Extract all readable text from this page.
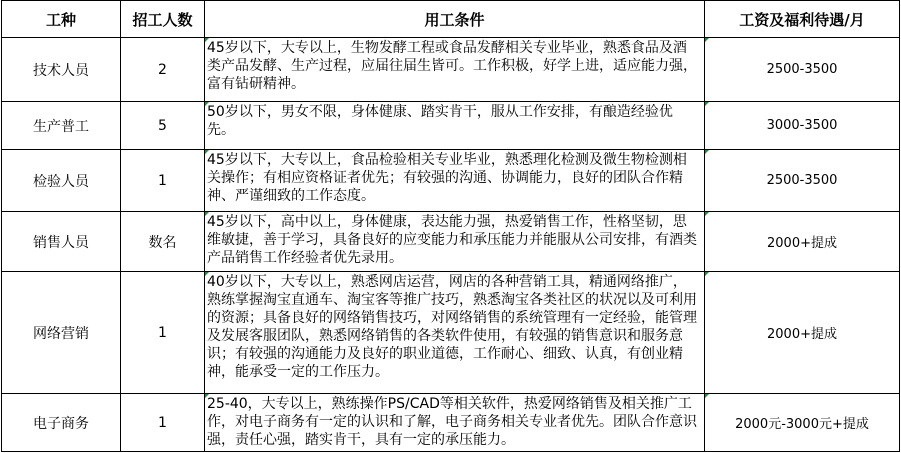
工种	招工人数	用工条件	工资及福利待遇/月
技术人员	2	45岁以下，大专以上，生物发酵工程或食品发酵相关专业毕业，熟悉食品及酒类产品发酵、生产过程，应届往届生皆可。工作积极，好学上进，适应能力强，富有钻研精神。	2500-3500
生产普工	5	50岁以下，男女不限，身体健康、踏实肯干，服从工作安排，有酿造经验优先。	3000-3500
检验人员	1	45岁以下，大专以上，食品检验相关专业毕业，熟悉理化检测及微生物检测相关操作；有相应资格证者优先；有较强的沟通、协调能力，良好的团队合作精神、严谨细致的工作态度。	2500-3500
销售人员	数名	45岁以下，高中以上，身体健康，表达能力强，热爱销售工作，性格坚韧，思维敏捷，善于学习，具备良好的应变能力和承压能力并能服从公司安排，有酒类产品销售工作经验者优先录用。	2000+提成
网络营销	1	40岁以下，大专以上，熟悉网店运营，网店的各种营销工具，精通网络推广，熟练掌握淘宝直通车、淘宝客等推广技巧，熟悉淘宝各类社区的状况以及可利用的资源；具备良好的网络销售技巧，对网络销售的系统管理有一定经验，能管理及发展客服团队，熟悉网络销售的各类软件使用，有较强的销售意识和服务意识；有较强的沟通能力及良好的职业道德，工作耐心、细致、认真，有创业精神，能承受一定的工作压力。	2000+提成
电子商务	1	25-40，大专以上，熟练操作PS/CAD等相关软件，热爱网络销售及相关推广工作，对电子商务有一定的认识和了解，电子商务相关专业者优先。团队合作意识强，责任心强，踏实肯干，具有一定的承压能力。	2000元-3000元+提成
